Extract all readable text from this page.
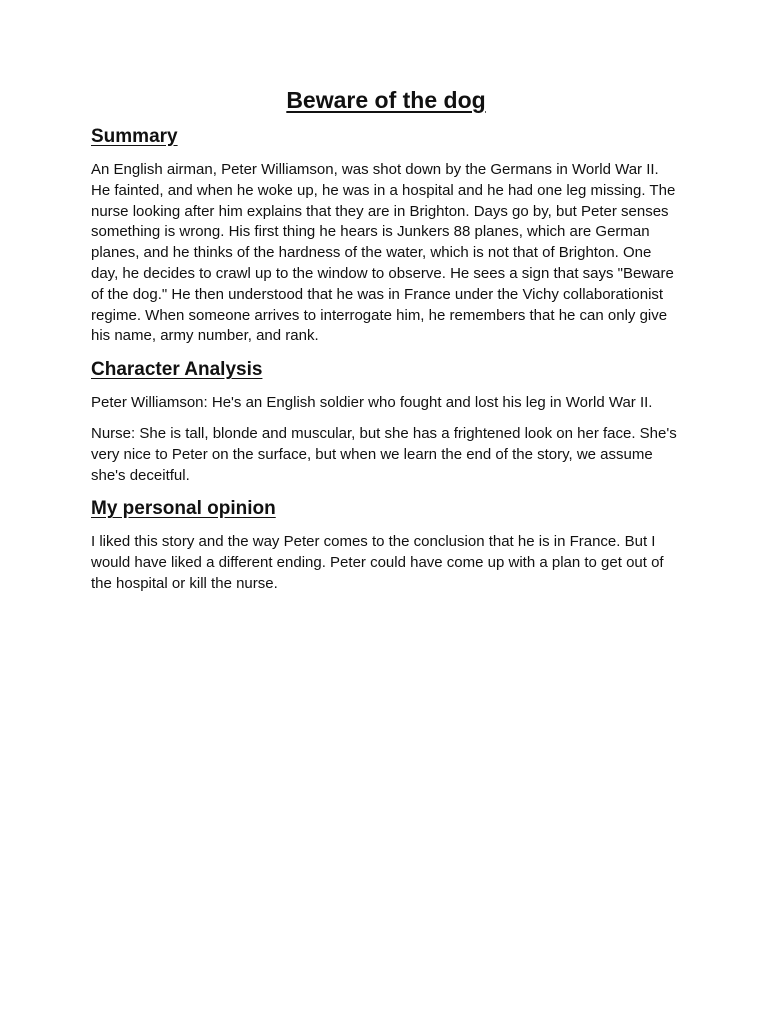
Beware of the dog
Summary

An English airman, Peter Williamson, was shot down by the Germans in World War II. He fainted, and when he woke up, he was in a hospital and he had one leg missing. The nurse looking after him explains that they are in Brighton. Days go by, but Peter senses something is wrong. His first thing he hears is Junkers 88 planes, which are German planes, and he thinks of the hardness of the water, which is not that of Brighton. One day, he decides to crawl up to the window to observe. He sees a sign that says "Beware of the dog." He then understood that he was in France under the Vichy collaborationist regime. When someone arrives to interrogate him, he remembers that he can only give his name, army number, and rank.

Character Analysis

Peter Williamson: He's an English soldier who fought and lost his leg in World War II.

Nurse: She is tall, blonde and muscular, but she has a frightened look on her face. She's very nice to Peter on the surface, but when we learn the end of the story, we assume she's deceitful.

My personal opinion

I liked this story and the way Peter comes to the conclusion that he is in France. But I would have liked a different ending. Peter could have come up with a plan to get out of the hospital or kill the nurse.
